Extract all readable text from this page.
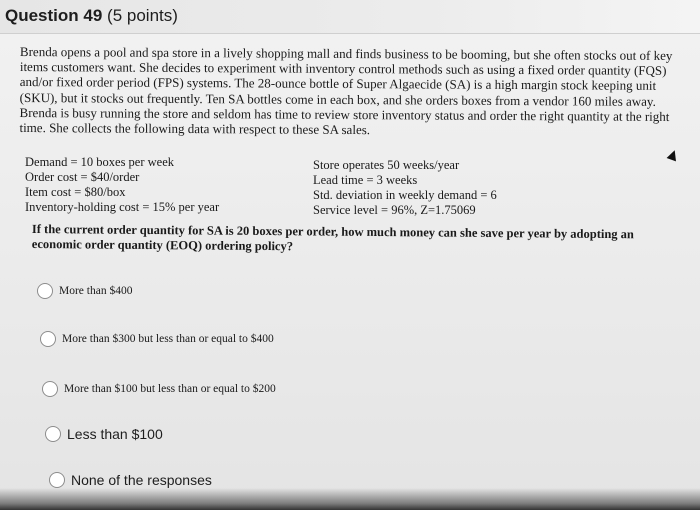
Question 49 (5 points)
Brenda opens a pool and spa store in a lively shopping mall and finds business to be booming, but she often stocks out of key items customers want. She decides to experiment with inventory control methods such as using a fixed order quantity (FQS) and/or fixed order period (FPS) systems. The 28-ounce bottle of Super Algaecide (SA) is a high margin stock keeping unit (SKU), but it stocks out frequently. Ten SA bottles come in each box, and she orders boxes from a vendor 160 miles away. Brenda is busy running the store and seldom has time to review store inventory status and order the right quantity at the right time. She collects the following data with respect to these SA sales.
Demand = 10 boxes per week
Order cost = $40/order
Item cost = $80/box
Inventory-holding cost = 15% per year
Store operates 50 weeks/year
Lead time = 3 weeks
Std. deviation in weekly demand = 6
Service level = 96%, Z=1.75069
If the current order quantity for SA is 20 boxes per order, how much money can she save per year by adopting an economic order quantity (EOQ) ordering policy?
More than $400
More than $300 but less than or equal to $400
More than $100 but less than or equal to $200
Less than $100
None of the responses
